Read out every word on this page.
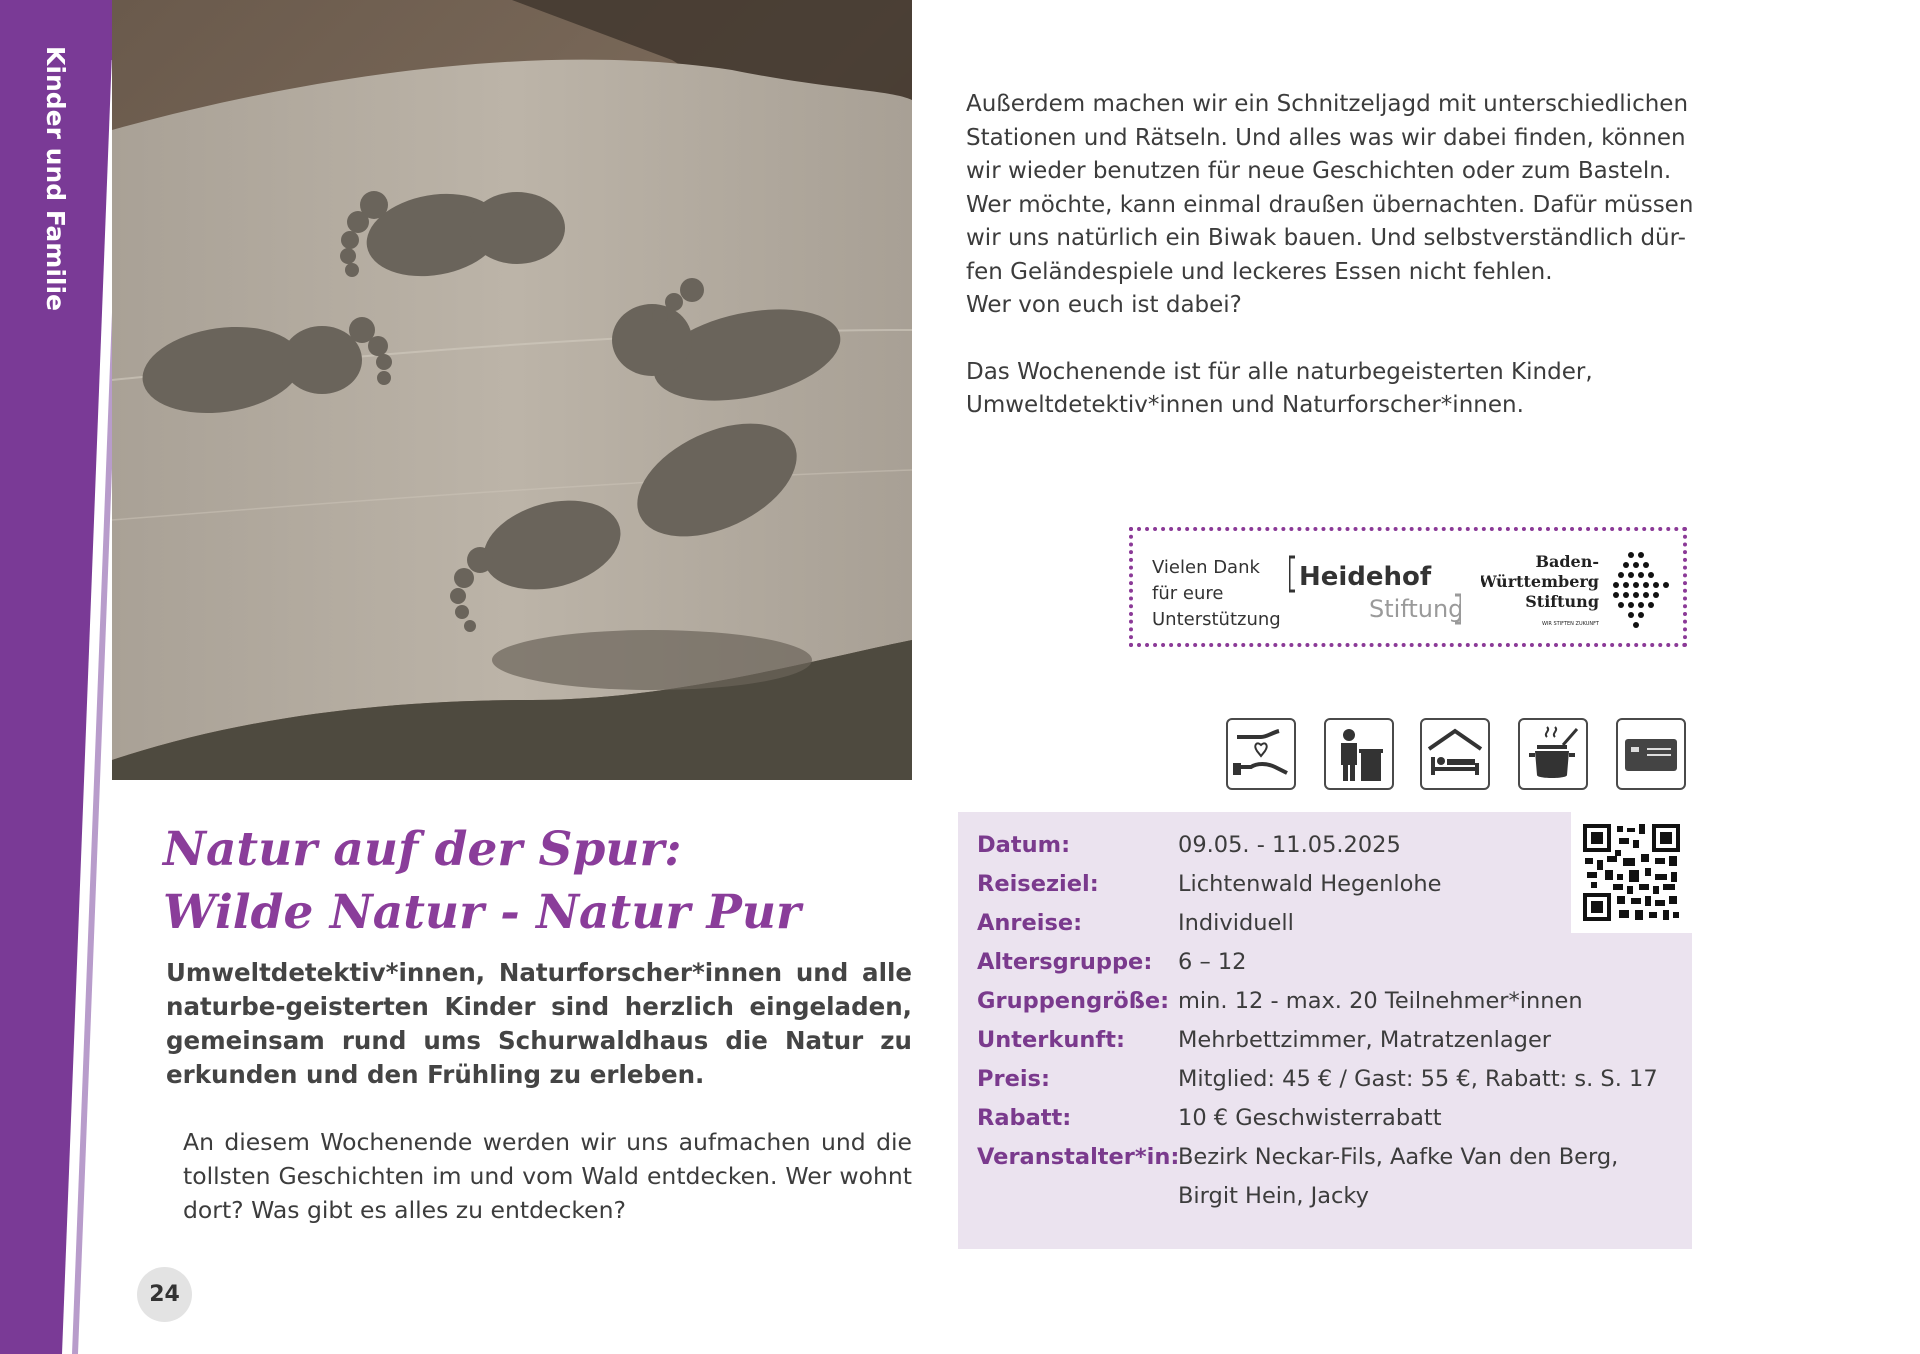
Kinder und Familie	Außerdem machen wir ein Schnitzeljagd mit unterschiedlichen Stationen und Rätseln. Und alles was wir dabei finden, können wir wieder benutzen für neue Geschichten oder zum Basteln. Wer möchte, kann einmal draußen übernachten. Dafür müssen wir uns natürlich ein Biwak bauen. Und selbstverständlich dür-fen Geländespiele und leckeres Essen nicht fehlen.
Wer von euch ist dabei?

Das Wochenende ist für alle naturbegeisterten Kinder, Umweltdetektiv*innen und Naturforscher*innen.

Vielen Dank
für eure
Unterstützung
Heidehof
Stiftung
Baden-
Württemberg
Stiftung
WIR STIFTEN ZUKUNFT
Natur auf der Spur:
Wilde Natur - Natur Pur
Umweltdetektiv*innen, Naturforscher*innen und alle naturbe-geisterten Kinder sind herzlich eingeladen, gemeinsam rund ums Schurwaldhaus die Natur zu erkunden und den Frühling zu erleben.
An diesem Wochenende werden wir uns aufmachen und die tollsten Geschichten im und vom Wald entdecken. Wer wohnt dort? Was gibt es alles zu entdecken?
Datum:	09.05. - 11.05.2025
Reiseziel:	Lichtenwald Hegenlohe
Anreise:	Individuell
Altersgruppe: 6 – 12
Gruppengröße: min. 12 - max. 20 Teilnehmer*innen
Unterkunft: Mehrbettzimmer, Matratzenlager
Preis:	Mitglied: 45 € / Gast: 55 €, Rabatt: s. S. 17
Rabatt:	10 € Geschwisterrabatt
Veranstalter*in:
Bezirk Neckar-Fils, Aafke Van den Berg,
Birgit Hein, Jacky
24
